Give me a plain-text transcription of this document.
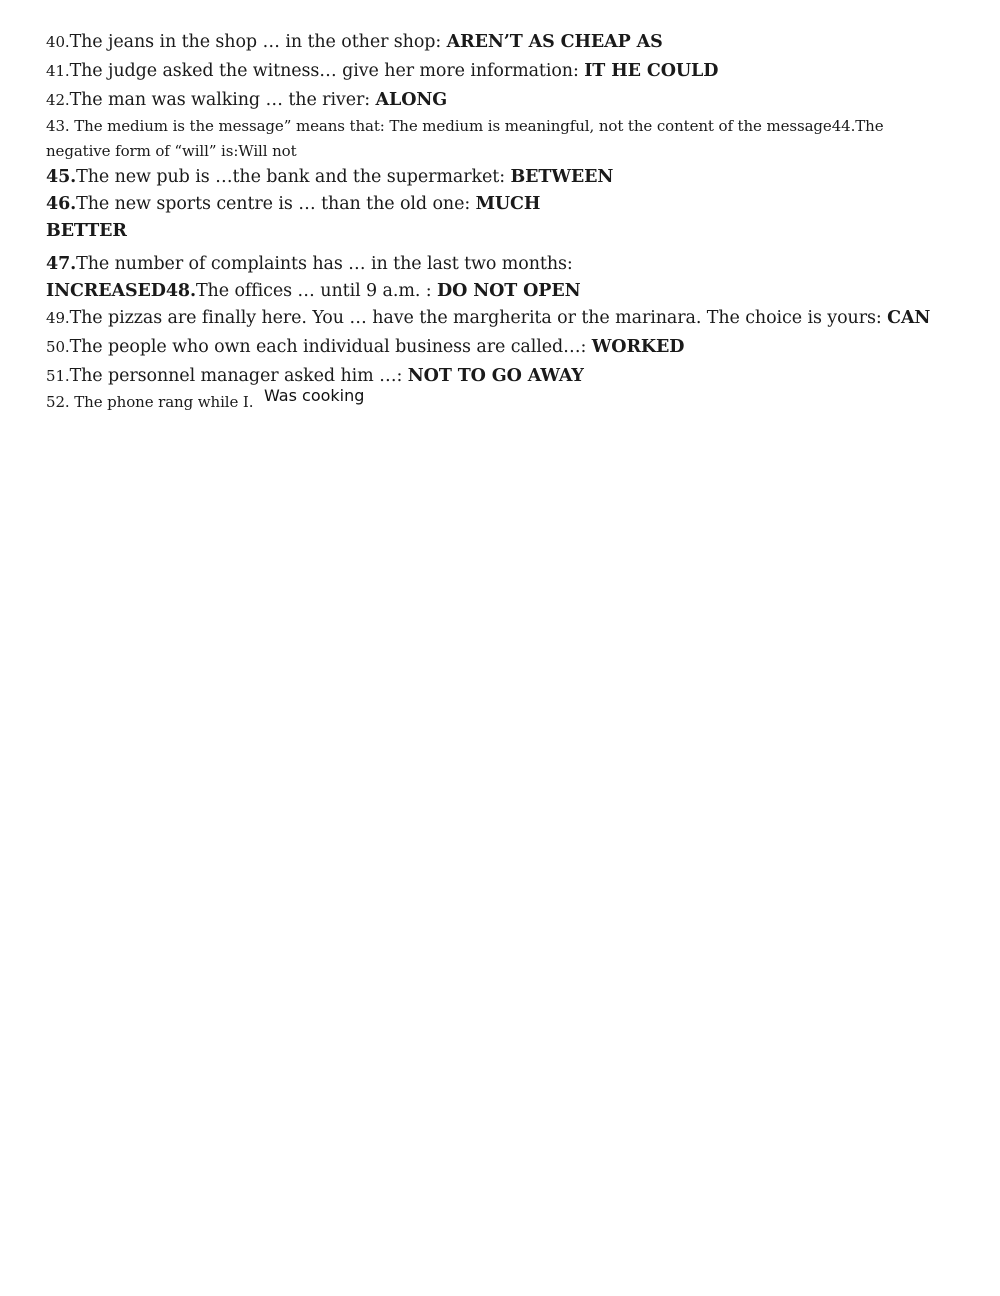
40.The jeans in the shop … in the other shop: AREN’T AS CHEAP AS
41.The judge asked the witness… give her more information: IT HE COULD
42.The man was walking … the river: ALONG
43. The medium is the message” means that: The medium is meaningful, not the content of the message44.The
negative form of “will” is:Will not
45.The new pub is …the bank and the supermarket: BETWEEN
46.The new sports centre is … than the old one: MUCH
BETTER
47.The number of complaints has … in the last two months:
INCREASED48.The offices … until 9 a.m. : DO NOT OPEN
49.The pizzas are finally here. You … have the margherita or the marinara. The choice is yours: CAN
50.The people who own each individual business are called…: WORKED
51.The personnel manager asked him …: NOT TO GO AWAY
52. The phone rang while I. Was cooking
